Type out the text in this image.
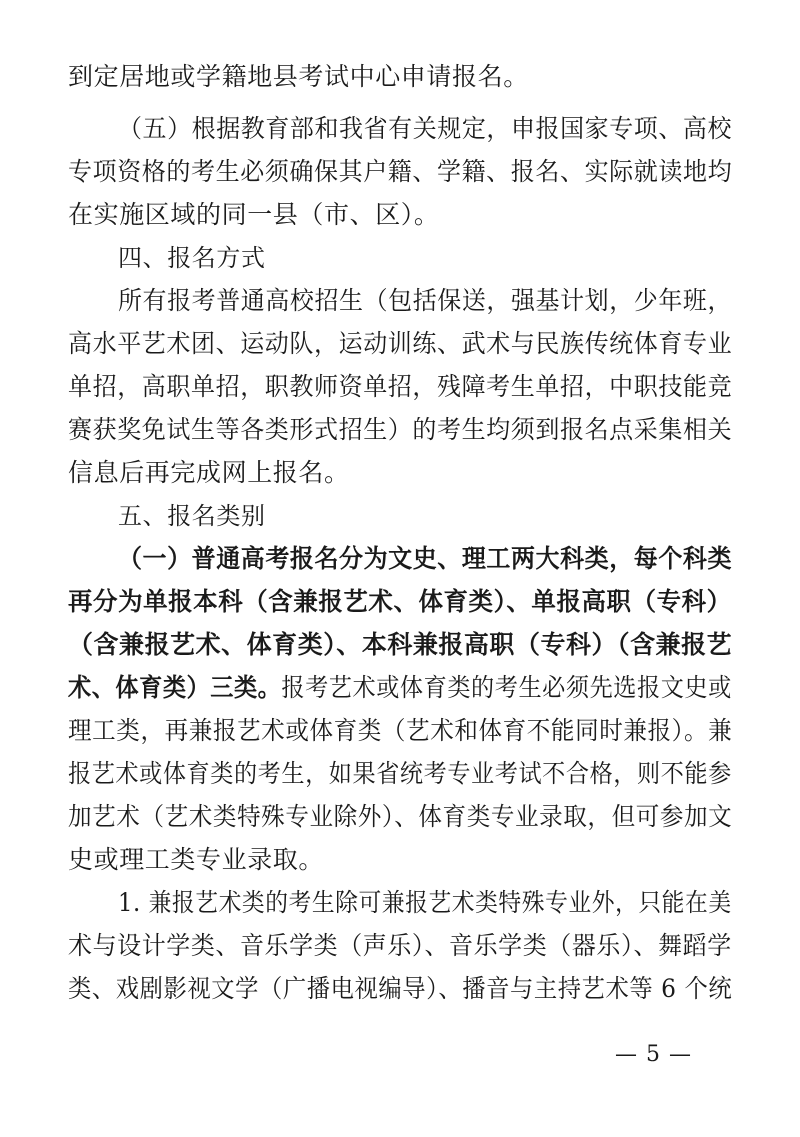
到定居地或学籍地县考试中心申请报名。
（五）根据教育部和我省有关规定，申报国家专项、高校
专项资格的考生必须确保其户籍、学籍、报名、实际就读地均
在实施区域的同一县（市、区）。
四、报名方式
所有报考普通高校招生（包括保送，强基计划，少年班，
高水平艺术团、运动队，运动训练、武术与民族传统体育专业
单招，高职单招，职教师资单招，残障考生单招，中职技能竞
赛获奖免试生等各类形式招生）的考生均须到报名点采集相关
信息后再完成网上报名。
五、报名类别
（一）普通高考报名分为文史、理工两大科类，每个科类
再分为单报本科（含兼报艺术、体育类）、单报高职（专科）
（含兼报艺术、体育类）、本科兼报高职（专科）（含兼报艺
术、体育类）三类。报考艺术或体育类的考生必须先选报文史或
理工类，再兼报艺术或体育类（艺术和体育不能同时兼报）。兼
报艺术或体育类的考生，如果省统考专业考试不合格，则不能参
加艺术（艺术类特殊专业除外）、体育类专业录取，但可参加文
史或理工类专业录取。
1. 兼报艺术类的考生除可兼报艺术类特殊专业外，只能在美
术与设计学类、音乐学类（声乐）、音乐学类（器乐）、舞蹈学
类、戏剧影视文学（广播电视编导）、播音与主持艺术等 6 个统
— 5 —
